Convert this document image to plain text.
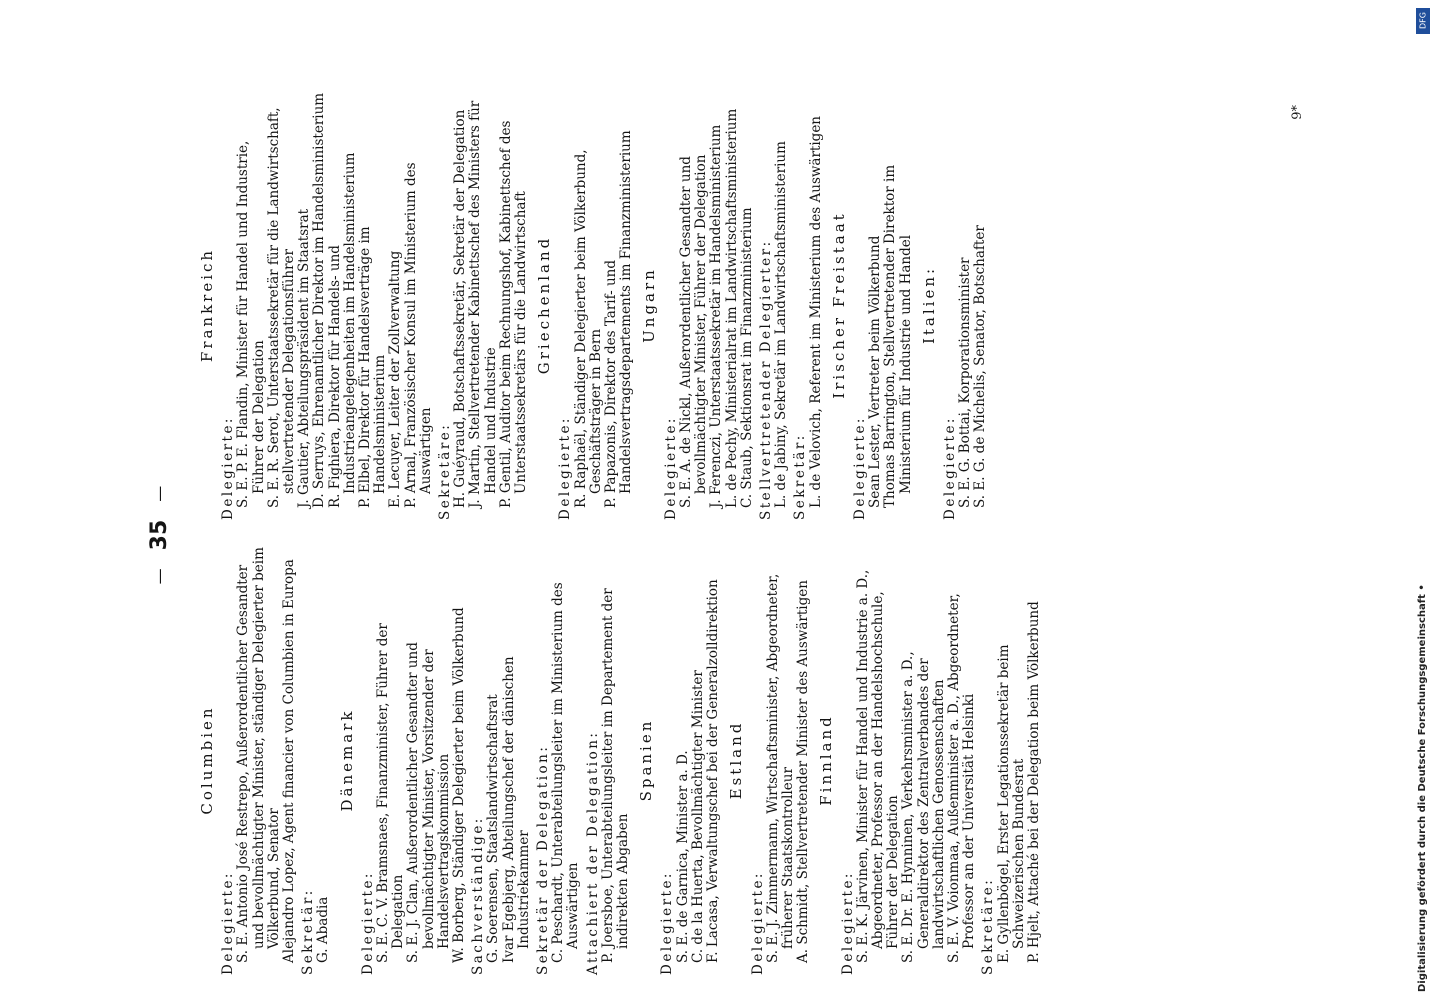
—
35
—
Columbien
Delegierte: S. E. Antonio José Restrepo, Außerordentlicher Gesandter und bevollmächtigter Minister, ständiger Delegierter beim Völkerbund, Senator Alejandro Lopez, Agent financier von Columbien in Europa Sekretär: G. Abadia
Dänemark
Delegierte: S. E. C. V. Bramsnaes, Finanzminister, Führer der Delegation S. E. J. Clan, Außerordentlicher Gesandter und bevollmächtigter Minister, Vorsitzender der Handelsvertragskommission W. Borberg, Ständiger Delegierter beim Völkerbund Sachverständige: G. Soerensen, Staatslandwirtschaftsrat Ivar Egebjerg, Abteilungschef der dänischen Industriekammer Sekretär der Delegation: C. Peschardt, Unterabteilungsleiter im Ministerium des Auswärtigen Attachiert der Delegation: P. Joersboe, Unterabteilungsleiter im Departement der indirekten Abgaben
Spanien
Delegierte: S. E. de Garnica, Minister a. D. C. de la Huerta, Bevollmächtigter Minister F. Lacasa, Verwaltungschef bei der Generalzolldirektion Estland
Delegierte: S. E. J. Zimmermann, Wirtschaftsminister, Abgeordneter, früherer Staatskontrolleur A. Schmidt, Stellvertretender Minister des Auswärtigen Finnland
Delegierte: S. E. K. Järvinen, Minister für Handel und Industrie a. D., Abgeordneter, Professor an der Handelshochschule, Führer der Delegation S. E. Dr. E. Hynninen, Verkehrsminister a. D., Generaldirektor des Zentralverbandes der landwirtschaftlichen Genossenschaften S. E. V. Voionmaa, Außenminister a. D., Abgeordneter, Professor an der Universität Helsinki Sekretäre: E. Gyllenbögel, Erster Legationssekretär beim Schweizerischen Bundesrat P. Hjelt, Attaché bei der Delegation beim Völkerbund
Frankreich
Delegierte: S. E. P. E. Flandin, Minister für Handel und Industrie, Führer der Delegation S. E. R. Serot, Unterstaatssekretär für die Landwirtschaft, stellvertretender Delegationsführer J. Gautier, Abteilungspräsident im Staatsrat D. Serruys, Ehrenamtlicher Direktor im Handelsministerium R. Fighiera, Direktor für Handels- und Industrieangelegenheiten im Handelsministerium P. Elbel, Direktor für Handelsverträge im Handelsministerium E. Lecuyer, Leiter der Zollverwaltung P. Arnal, Französischer Konsul im Ministerium des Auswärtigen Sekretäre: H. Guéyraud, Botschaftssekretär, Sekretär der Delegation J. Martin, Stellvertretender Kabinettschef des Ministers für Handel und Industrie P. Gentil, Auditor beim Rechnungshof, Kabinettschef des Unterstaatssekretärs für die Landwirtschaft Griechenland
Delegierte: R. Raphaël, Ständiger Delegierter beim Völkerbund, Geschäftsträger in Bern P. Papazonis, Direktor des Tarif- und Handelsvertragsdepartements im Finanzministerium Ungarn
Delegierte: S. E. A. de Nickl, Außerordentlicher Gesandter und bevollmächtigter Minister, Führer der Delegation J. Ferenczi, Unterstaatssekretär im Handelsministerium L. de Pechy, Ministerialrat im Landwirtschaftsministerium C. Staub, Sektionsrat im Finanzministerium Stellvertretender Delegierter: L. de Jabiny, Sekretär im Landwirtschaftsministerium Sekretär: L. de Velovich, Referent im Ministerium des Auswärtigen Irischer Freistaat
Delegierte: Sean Lester, Vertreter beim Völkerbund Thomas Barrington, Stellvertretender Direktor im Ministerium für Industrie und Handel Italien:
Delegierte: S. E. G. Bottai, Korporationsminister S. E. G. de Michelis, Senator, Botschafter
9*
Digitalisierung gefördert durch die Deutsche Forschungsgemeinschaft •
DFG
